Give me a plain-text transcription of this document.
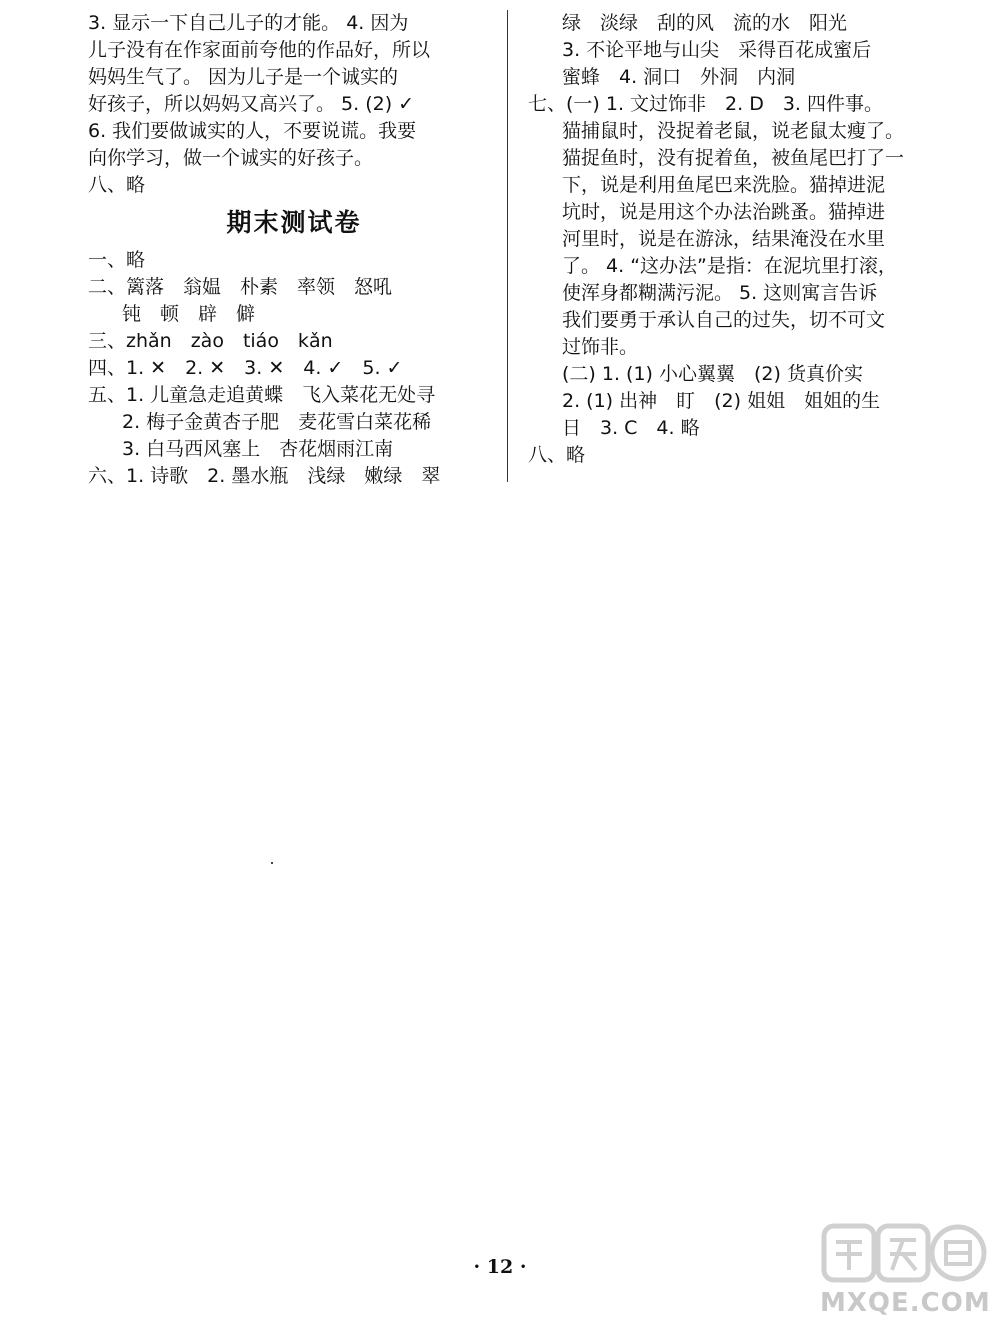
3. 显示一下自己儿子的才能。 4. 因为
儿子没有在作家面前夸他的作品好，所以
妈妈生气了。 因为儿子是一个诚实的
好孩子，所以妈妈又高兴了。 5. (2) ✓
6. 我们要做诚实的人，不要说谎。我要
向你学习，做一个诚实的好孩子。
八、略
期末测试卷
一、略
二、篱落　翁媪　朴素　率领　怒吼
钝　顿　辟　僻
三、zhǎn　zào　tiáo　kǎn
四、1. ✕　2. ✕　3. ✕　4. ✓　5. ✓
五、1. 儿童急走追黄蝶　飞入菜花无处寻
2. 梅子金黄杏子肥　麦花雪白菜花稀
3. 白马西风塞上　杏花烟雨江南
六、1. 诗歌　2. 墨水瓶　浅绿　嫩绿　翠
绿　淡绿　刮的风　流的水　阳光
3. 不论平地与山尖　采得百花成蜜后
蜜蜂　4. 洞口　外洞　内洞
七、(一) 1. 文过饰非　2. D　3. 四件事。
猫捕鼠时，没捉着老鼠，说老鼠太瘦了。
猫捉鱼时，没有捉着鱼，被鱼尾巴打了一
下，说是利用鱼尾巴来洗脸。猫掉进泥
坑时，说是用这个办法治跳蚤。猫掉进
河里时，说是在游泳，结果淹没在水里
了。 4. “这办法”是指：在泥坑里打滚，
使浑身都糊满污泥。 5. 这则寓言告诉
我们要勇于承认自己的过失，切不可文
过饰非。
(二) 1. (1) 小心翼翼　(2) 货真价实
2. (1) 出神　盯　(2) 姐姐　姐姐的生
日　3. C　4. 略
八、略
· 12 ·
MXQE.COM
